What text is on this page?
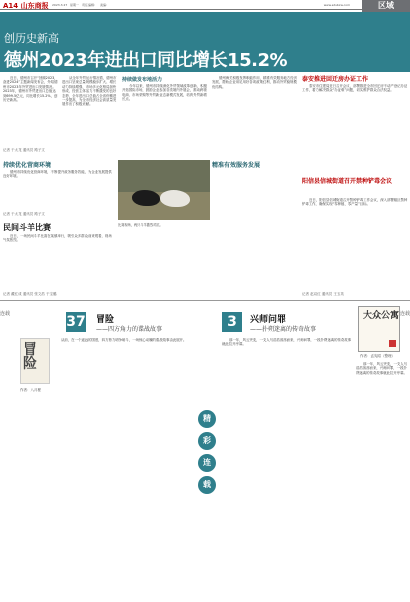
A14 山东商报 2023.3.27 星期一 责任编辑： 美编：	www.sdsbxw.com	区域
创历史新高
德州2023年进出口同比增长15.2%

近日，德州市召开“回顾2023，奋进2024”主题新闻发布会，介绍德州市2023年外贸进出口发展情况。2023年，德州市外贸进出口总值达到699.5亿元，同比增长15.2%，创历史新高。

记者 于太龙 通讯员 路子文

从全年外贸运行情况看，德州市进出口呈现总量规模稳步扩大、增长动力持续增强、市场多元化格局加快形成、经营主体活力不断激发的良好态势，全年进出口总值占全省份额进一步提高，为全市经济社会高质量发展作出了积极贡献。

持续做发布地活力

今年以来，德州市持续深化外贸领域改革创新，积极开拓国际市场，鼓励企业参加各类境内外展会，推动跨境电商、市场采购等外贸新业态新模式发展，培育外贸新增长点。

德州海关积极发挥职能作用，精准有效服务地方经济发展，帮助企业用足用好各项政策红利，推动外贸稳规模优结构。

持续优化营商环境

德州市持续优化营商环境，不断提升政务服务效能，为企业发展提供良好环境。

记者 于太龙 通讯员 路子文
民间斗羊比赛

近日，一场民间斗羊比赛在某镇举行，吸引众多群众前来观看，现场气氛热烈。

记者 藏红成 通讯员 张文浩 于宝璐
精准有效服务发展
比赛现场，两只斗羊激烈对抗。
泰安推进回迁房办证工作

泰安市住建局近日召开会议，部署推进全市回迁房不动产登记办证工作，着力解决群众“办证难”问题，切实维护群众合法权益。

阳信县信城街道召开禁种铲毒会议

近日，阳信县信城街道召开禁种铲毒工作会议，深入部署辖区禁种铲毒工作，确保实现“零种植、零产量”目标。

记者 赵双红 通讯员 王玉英
连载
冒险
作者：八月槎
37 冒险
——四方角力的谍战故事

从前，在一个遥远的国度，四方势力明争暗斗，一场惊心动魄的谍战故事由此展开。

精
彩
连
载
3	兴师问罪
——扑朔迷离的传奇故事

那一年，风云突变，一支人马浩浩荡荡而来，兴师问罪，一段扑朔迷离的传奇故事就此拉开序幕。

大众公寓
作者：孟宪昭（整理）

那一年，风云突变，一支人马浩浩荡荡而来，兴师问罪，一段扑朔迷离的传奇故事就此拉开序幕。

连载
